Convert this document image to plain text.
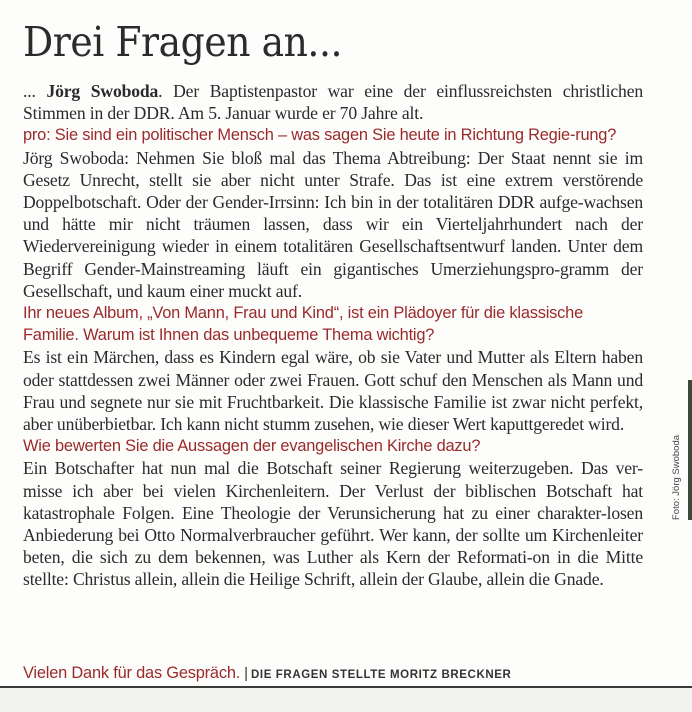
Drei Fragen an...

... Jörg Swoboda. Der Baptistenpastor war eine der einflussreichsten christlichen Stimmen in der DDR. Am 5. Januar wurde er 70 Jahre alt.

pro: Sie sind ein politischer Mensch – was sagen Sie heute in Richtung Regie-rung?

Jörg Swoboda: Nehmen Sie bloß mal das Thema Abtreibung: Der Staat nennt sie im Gesetz Unrecht, stellt sie aber nicht unter Strafe. Das ist eine extrem verstörende Doppelbotschaft. Oder der Gender-Irrsinn: Ich bin in der totalitären DDR aufge-wachsen und hätte mir nicht träumen lassen, dass wir ein Vierteljahrhundert nach der Wiedervereinigung wieder in einem totalitären Gesellschaftsentwurf landen. Unter dem Begriff Gender-Mainstreaming läuft ein gigantisches Umerziehungspro-gramm der Gesellschaft, und kaum einer muckt auf.

Ihr neues Album, „Von Mann, Frau und Kind“, ist ein Plädoyer für die klassische Familie. Warum ist Ihnen das unbequeme Thema wichtig?

Es ist ein Märchen, dass es Kindern egal wäre, ob sie Vater und Mutter als Eltern haben oder stattdessen zwei Männer oder zwei Frauen. Gott schuf den Menschen als Mann und Frau und segnete nur sie mit Fruchtbarkeit. Die klassische Familie ist zwar nicht perfekt, aber unüberbietbar. Ich kann nicht stumm zusehen, wie dieser Wert kaputtgeredet wird.

Wie bewerten Sie die Aussagen der evangelischen Kirche dazu?

Ein Botschafter hat nun mal die Botschaft seiner Regierung weiterzugeben. Das ver-misse ich aber bei vielen Kirchenleitern. Der Verlust der biblischen Botschaft hat katastrophale Folgen. Eine Theologie der Verunsicherung hat zu einer charakter-losen Anbiederung bei Otto Normalverbraucher geführt. Wer kann, der sollte um Kirchenleiter beten, die sich zu dem bekennen, was Luther als Kern der Reformati-on in die Mitte stellte: Christus allein, allein die Heilige Schrift, allein der Glaube, allein die Gnade.

Vielen Dank für das Gespräch. | DIE FRAGEN STELLTE MORITZ BRECKNER
Foto: Jörg Swoboda
